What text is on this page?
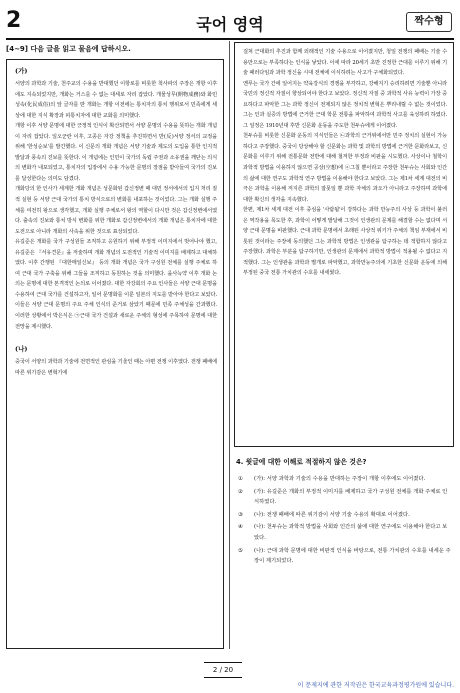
2	국어 영역	짝수형
[4~9] 다음 글을 읽고 물음에 답하시오.
(가)

서양의 과학과 기술, 천주교의 수용을 반대했던 이항로를 비롯한 척사파의 주장은 개항 이후에도 지속되었지만, 개화는 거스를 수 없는 대세로 자리 잡았다. 개물성무(開物成務)와 화민성속(化民成俗)의 앞 글자를 딴 개화는 개항 이전에는 통치자의 통치 행위로서 민족에게 세상에 대한 지식 확장과 피통치자에 대한 교화를 의미했다.

개항 이후 서양 문명에 대한 긍정적 인식이 확산되면서 서양 문명의 수용을 뜻하는 개화 개념이 자리 잡았다. 일오군란 이후, 고종은 자강 정책을 추진하면서 반(反)서양 정서의 교정을 위해 '한성순보'를 발간했다. 이 신문의 개화 개념은 서양 기술과 제도의 도입을 통한 인지적 발달과 풍속의 진보를 뜻한다. 이 개념에는 인민이 국가의 독립 주권과 소유권을 깨닫는 의식의 변화가 내포되었고, 통치자의 입장에서 수용 가능한 문명의 장점을 받아들여 국가의 진보를 달성한다는 의미도 담겼다.

개화당의 한 인사가 세계한 개화 개념은 성문화된 갑신정변 때 대민 정서에서의 입지 처리 질적 실현 등 서양 근대 국가의 통치 방식으로의 변화를 내포하는 것이었다. 그는 개화 실행 주체를 여전히 왕으로 생각했고, 개화 실행 주체로서 왕의 역할이 다시만 것은 갑신정변에서였다. 출속의 진보와 통치 방식 변화를 위한 개화로 갑신정변에서의 개화 개념은 통치자에 대한 도전으로 아니라 개화의 사속을 위한 것으로 표상되었다.

유길준은 개화를 국가 구성원들 조직하고 응원하기 위해 부정적 이미지에서 벗어나야 했고, 유길준은 『서유견문』을 저술하며 개화 개념의 도전적인 기술적 이미지를 배제하고 대체하였다. 이후 간행된 『대한매일신보』 등의 개화 개념은 국가 구성원 전체를 실행 주체로 하여 근대 국가 구축을 위해 그들을 조직하고 동원하는 것을 의미했다. 을사늑약 이후 개화 논의는 문명에 대한 본격적인 논의로 이어졌다. 대한 자강회의 주요 인사들은 서양 근대 문명을 수용하여 근대 국가를 건설하고자, 일어 문명화를 이룬 일본의 지도를 받아야 한다고 보았다. 이들은 서양 근대 문명의 주요 주체 인식의 준거로 삼았기 때문에 민족 주체성을 간과했다. 이러한 상황에서 박은식은 ㉠근대 국가 건설과 새로운 주체의 형성에 주목하여 문명에 대한 전망을 제시했다.

(나)

중국이 서양의 과학과 기술에 전면적인 관심을 기울인 때는 아편 전쟁 이후였다. 전쟁 패배에 따른 위기감은 변혁기에

걸쳐 근대화의 추진과 함께 외래적인 기술 수용으로 이어졌지만, 청일 전쟁의 패배는 기술 수용만으로는 부족하다는 인식을 낳았다. 이에 따라 20세기 초반 진정한 근대를 이루기 위해 기술 패러다임과 과학 정신을 시대 전체에 이식하려는 사고가 구체화되었다.

옌푸는 국가 간에 일어지는 약육강식의 경쟁을 부각하고, 강해지기 승리하려면 기술뿐 아니라 국민의 정신적 자질이 향상되어야 한다고 보았다. 정신적 자질 중 과학적 사유 능력이 가장 중요하다고 파악한 그는 과학 정신이 전제되지 않은 정치적 변혁은 뿌리내릴 수 없는 것이었다. 그는 인과 실증의 방법에 근거한 근대 학문 전통을 파악하여 과학적 사고를 육성하려 하였다. 그 일정은 1910년대 후반 신문화 운동을 주도한 천두슈에게 이어졌다.

천두슈를 비롯한 신문화 운동의 지식인들은 ㉡과학의 근거위에서만 민주 정치의 실현이 가능하다고 주장했다. 중국이 당상해야 할 신문화는 과학 및 과학의 방법에 근거한 문화라보고, 신문화를 이루기 위해 전통문화 전반에 대해 철저한 부정과 비판을 시도했다. 사상이나 철학이 과학적 방법을 이용하지 않으면 공상(空想)에 ⓐ그칠 뿐이라고 주장한 천두슈는 사회와 인간의 삶에 대한 연구도 과학적 연구 방법을 이용해야 한다고 보았다. 그는 제1차 세계 대전의 비극은 과학을 이용해 저지른 과학의 잘못일 뿐 과학 자체의 과오가 아니라고 주장하며 과학에 대한 확신의 생각을 지속했다.

한편, 제1차 세계 대전 이후 중심을 '사람됨'이 강하다는 과학 만능주의 사상 등 과학이 불러온 역작용을 목도한 후, 과학이 어떻게 발달해 그것이 인생관의 문제를 해결할 수는 없다며 서양 근대 문명을 비판했다. 근대 과학 문명에서 초래된 사상적 위기가 주체의 책임 부재에서 비롯된 것이라는 주장에 동의했던 그는 과학적 방법은 인생관을 탐구하는 데 적합하지 않다고 주장했다. 과학은 부분을 탐구하기만, 인생관의 문제에서 과학적 방법이 적용될 수 없다고 지적했다. 그는 인생관을 과학과 별개로 파악했고, 과학만능주의에 기초한 신문화 운동에 의해 부정된 중국 전통 가치관의 수호를 내세웠다.

4. 윗글에 대한 이해로 적절하지 않은 것은?
①	(가): 서양 과학과 기술의 수용을 반대하는 주장이 개항 이후에도 이어졌다.
②	(가): 유길준은 개화의 부정적 이미지를 배제하고 국가 구성원 전체를 개화 주체로 인식하였다.
③	(나): 전쟁 패배에 따른 위기감이 서양 기술 수용의 확대로 이어졌다.
④	(나): 천두슈는 과학적 방법을 사회와 인간의 삶에 대한 연구에도 이용해야 한다고 보았다.
⑤	(나): 근대 과학 문명에 대한 비판적 인식을 바탕으로, 전통 가치관의 수호를 내세운 주장이 제기되었다.
2 / 20
이 문제지에 관한 저작권은 한국교육과정평가원에 있습니다.
